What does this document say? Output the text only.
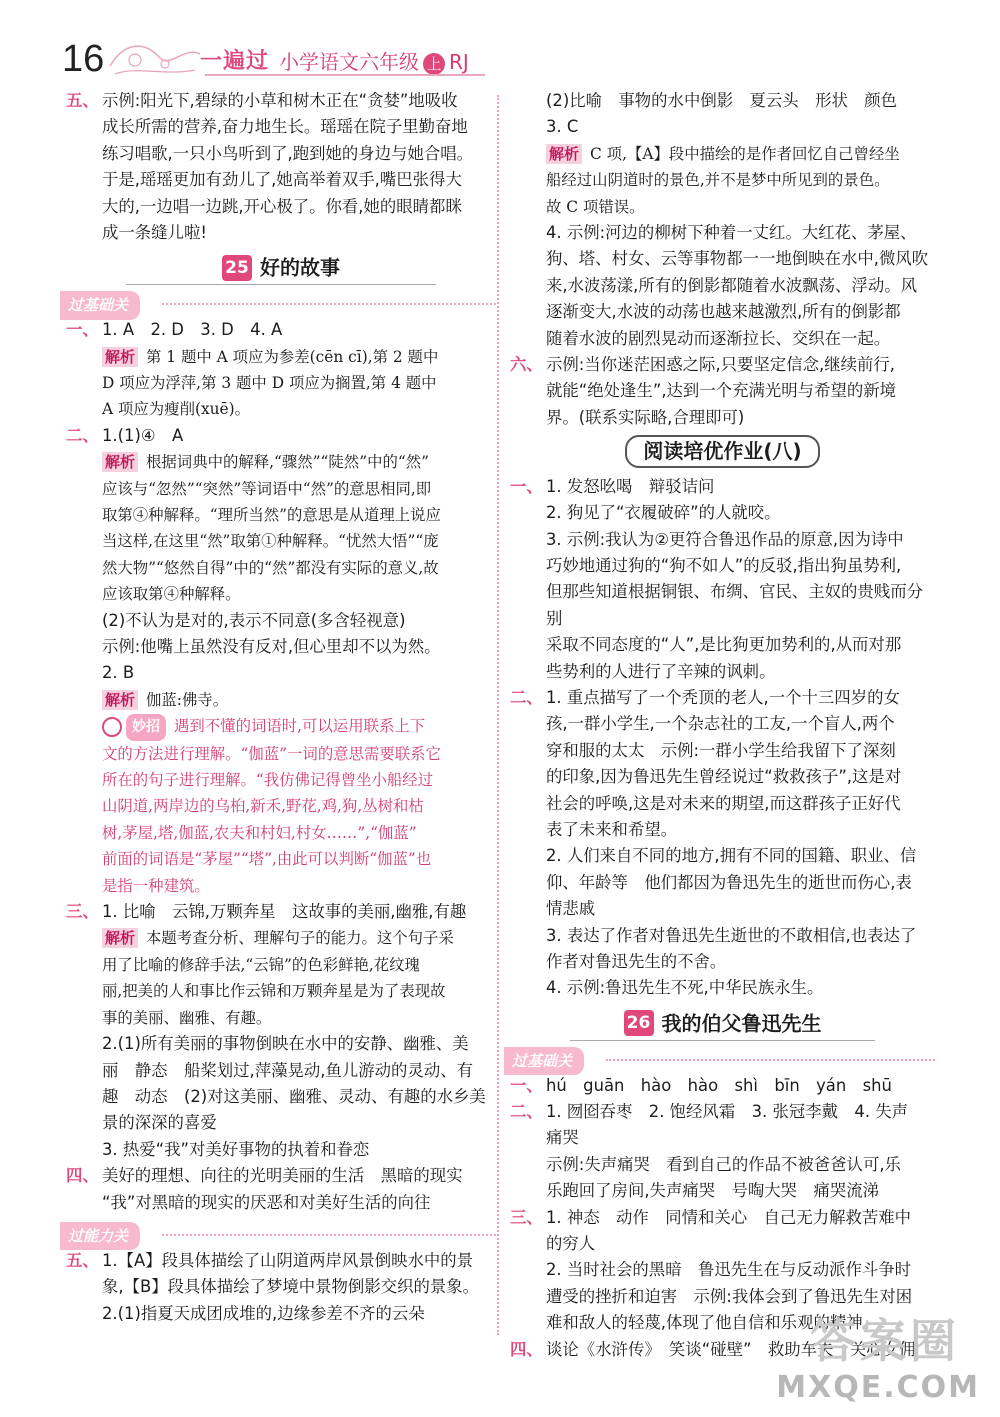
16	一遍过 小学语文六年级 上 RJ
五、 示例:阳光下,碧绿的小草和树木正在“贪婪”地吸收
成长所需的营养,奋力地生长。瑶瑶在院子里勤奋地
练习唱歌,一只小鸟听到了,跑到她的身边与她合唱。
于是,瑶瑶更加有劲儿了,她高举着双手,嘴巴张得大
大的,一边唱一边跳,开心极了。你看,她的眼睛都眯
成一条缝儿啦!
25 好的故事
过基础关
一、 1. A　2. D　3. D　4. A
解析 第 1 题中 A 项应为参差(cēn cī),第 2 题中
D 项应为浮萍,第 3 题中 D 项应为搁置,第 4 题中
A 项应为瘦削(xuē)。
二、 1.(1)④　A
解析 根据词典中的解释,“骤然”“陡然”中的“然”
应该与“忽然”“突然”等词语中“然”的意思相同,即
取第④种解释。“理所当然”的意思是从道理上说应
当这样,在这里“然”取第①种解释。“忧然大悟”“庞
然大物”“悠然自得”中的“然”都没有实际的意义,故
应该取第④种解释。
(2)不认为是对的,表示不同意(多含轻视意)
示例:他嘴上虽然没有反对,但心里却不以为然。
2. B
解析 伽蓝:佛寺。
妙招 遇到不懂的词语时,可以运用联系上下
文的方法进行理解。“伽蓝”一词的意思需要联系它
所在的句子进行理解。“我仿佛记得曾坐小船经过
山阴道,两岸边的乌桕,新禾,野花,鸡,狗,丛树和枯
树,茅屋,塔,伽蓝,农夫和村妇,村女……”,“伽蓝”
前面的词语是“茅屋”“塔”,由此可以判断“伽蓝”也
是指一种建筑。
三、 1. 比喻　云锦,万颗奔星　这故事的美丽,幽雅,有趣
解析 本题考查分析、理解句子的能力。这个句子采
用了比喻的修辞手法,“云锦”的色彩鲜艳,花纹瑰
丽,把美的人和事比作云锦和万颗奔星是为了表现故
事的美丽、幽雅、有趣。
2.(1)所有美丽的事物倒映在水中的安静、幽雅、美
丽　静态　船桨划过,萍藻晃动,鱼儿游动的灵动、有
趣　动态　(2)对这美丽、幽雅、灵动、有趣的水乡美
景的深深的喜爱
3. 热爱“我”对美好事物的执着和眷恋
四、 美好的理想、向往的光明美丽的生活　黑暗的现实
“我”对黑暗的现实的厌恶和对美好生活的向往
过能力关
五、 1.【A】段具体描绘了山阴道两岸风景倒映水中的景
象,【B】段具体描绘了梦境中景物倒影交织的景象。
2.(1)指夏天成团成堆的,边缘参差不齐的云朵
(2)比喻　事物的水中倒影　夏云头　形状　颜色
3. C
解析 C 项,【A】段中描绘的是作者回忆自己曾经坐
船经过山阴道时的景色,并不是梦中所见到的景色。
故 C 项错误。
4. 示例:河边的柳树下种着一丈红。大红花、茅屋、
狗、塔、村女、云等事物都一一地倒映在水中,微风吹
来,水波荡漾,所有的倒影都随着水波飘荡、浮动。风
逐渐变大,水波的动荡也越来越激烈,所有的倒影都
随着水波的剧烈晃动而逐渐拉长、交织在一起。
六、 示例:当你迷茫困惑之际,只要坚定信念,继续前行,
就能“绝处逢生”,达到一个充满光明与希望的新境
界。(联系实际略,合理即可)
阅读培优作业(八)
一、 1. 发怒吆喝　辩驳诘问
2. 狗见了“衣履破碎”的人就咬。
3. 示例:我认为②更符合鲁迅作品的原意,因为诗中
巧妙地通过狗的“狗不如人”的反驳,指出狗虽势利,
但那些知道根据铜银、布绸、官民、主奴的贵贱而分别
采取不同态度的“人”,是比狗更加势利的,从而对那
些势利的人进行了辛辣的讽刺。
二、 1. 重点描写了一个秃顶的老人,一个十三四岁的女
孩,一群小学生,一个杂志社的工友,一个盲人,两个
穿和服的太太　示例:一群小学生给我留下了深刻
的印象,因为鲁迅先生曾经说过“救救孩子”,这是对
社会的呼唤,这是对未来的期望,而这群孩子正好代
表了未来和希望。
2. 人们来自不同的地方,拥有不同的国籍、职业、信
仰、年龄等　他们都因为鲁迅先生的逝世而伤心,表
情悲戚
3. 表达了作者对鲁迅先生逝世的不敢相信,也表达了
作者对鲁迅先生的不舍。
4. 示例:鲁迅先生不死,中华民族永生。
26 我的伯父鲁迅先生
过基础关
一、 hú　guān　hào　hào　shì　bīn　yán　shū
二、 1. 囫囵吞枣　2. 饱经风霜　3. 张冠李戴　4. 失声
痛哭
示例:失声痛哭　看到自己的作品不被爸爸认可,乐
乐跑回了房间,失声痛哭　号啕大哭　痛哭流涕
三、 1. 神态　动作　同情和关心　自己无力解救苦难中
的穷人
2. 当时社会的黑暗　鲁迅先生在与反动派作斗争时
遭受的挫折和迫害　示例:我体会到了鲁迅先生对困
难和敌人的轻蔑,体现了他自信和乐观的精神。
四、 谈论《水浒传》　笑谈“碰壁”　救助车夫　关心女佣
答案圈
MXQE.COM
